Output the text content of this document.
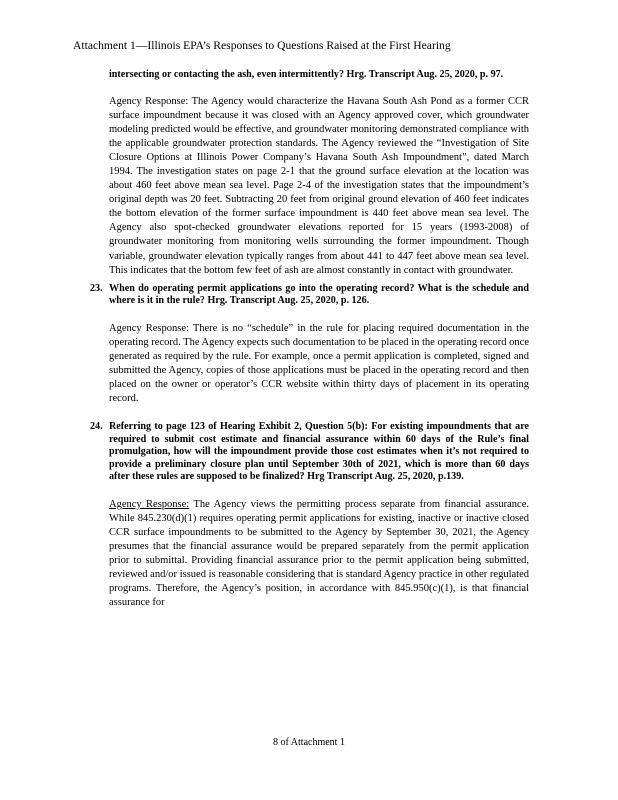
Attachment 1—Illinois EPA’s Responses to Questions Raised at the First Hearing
intersecting or contacting the ash, even intermittently? Hrg. Transcript Aug. 25, 2020, p. 97.
Agency Response: The Agency would characterize the Havana South Ash Pond as a former CCR surface impoundment because it was closed with an Agency approved cover, which groundwater modeling predicted would be effective, and groundwater monitoring demonstrated compliance with the applicable groundwater protection standards. The Agency reviewed the “Investigation of Site Closure Options at Illinois Power Company’s Havana South Ash Impoundment”, dated March 1994. The investigation states on page 2-1 that the ground surface elevation at the location was about 460 feet above mean sea level. Page 2-4 of the investigation states that the impoundment’s original depth was 20 feet. Subtracting 20 feet from original ground elevation of 460 feet indicates the bottom elevation of the former surface impoundment is 440 feet above mean sea level. The Agency also spot-checked groundwater elevations reported for 15 years (1993-2008) of groundwater monitoring from monitoring wells surrounding the former impoundment. Though variable, groundwater elevation typically ranges from about 441 to 447 feet above mean sea level. This indicates that the bottom few feet of ash are almost constantly in contact with groundwater.
23. When do operating permit applications go into the operating record? What is the schedule and where is it in the rule? Hrg. Transcript Aug. 25, 2020, p. 126.
Agency Response: There is no “schedule” in the rule for placing required documentation in the operating record. The Agency expects such documentation to be placed in the operating record once generated as required by the rule. For example, once a permit application is completed, signed and submitted the Agency, copies of those applications must be placed in the operating record and then placed on the owner or operator’s CCR website within thirty days of placement in its operating record.
24. Referring to page 123 of Hearing Exhibit 2, Question 5(b): For existing impoundments that are required to submit cost estimate and financial assurance within 60 days of the Rule’s final promulgation, how will the impoundment provide those cost estimates when it’s not required to provide a preliminary closure plan until September 30th of 2021, which is more than 60 days after these rules are supposed to be finalized? Hrg Transcript Aug. 25, 2020, p.139.
Agency Response: The Agency views the permitting process separate from financial assurance. While 845.230(d)(1) requires operating permit applications for existing, inactive or inactive closed CCR surface impoundments to be submitted to the Agency by September 30, 2021, the Agency presumes that the financial assurance would be prepared separately from the permit application prior to submittal. Providing financial assurance prior to the permit application being submitted, reviewed and/or issued is reasonable considering that is standard Agency practice in other regulated programs. Therefore, the Agency’s position, in accordance with 845.950(c)(1), is that financial assurance for
8 of Attachment 1
